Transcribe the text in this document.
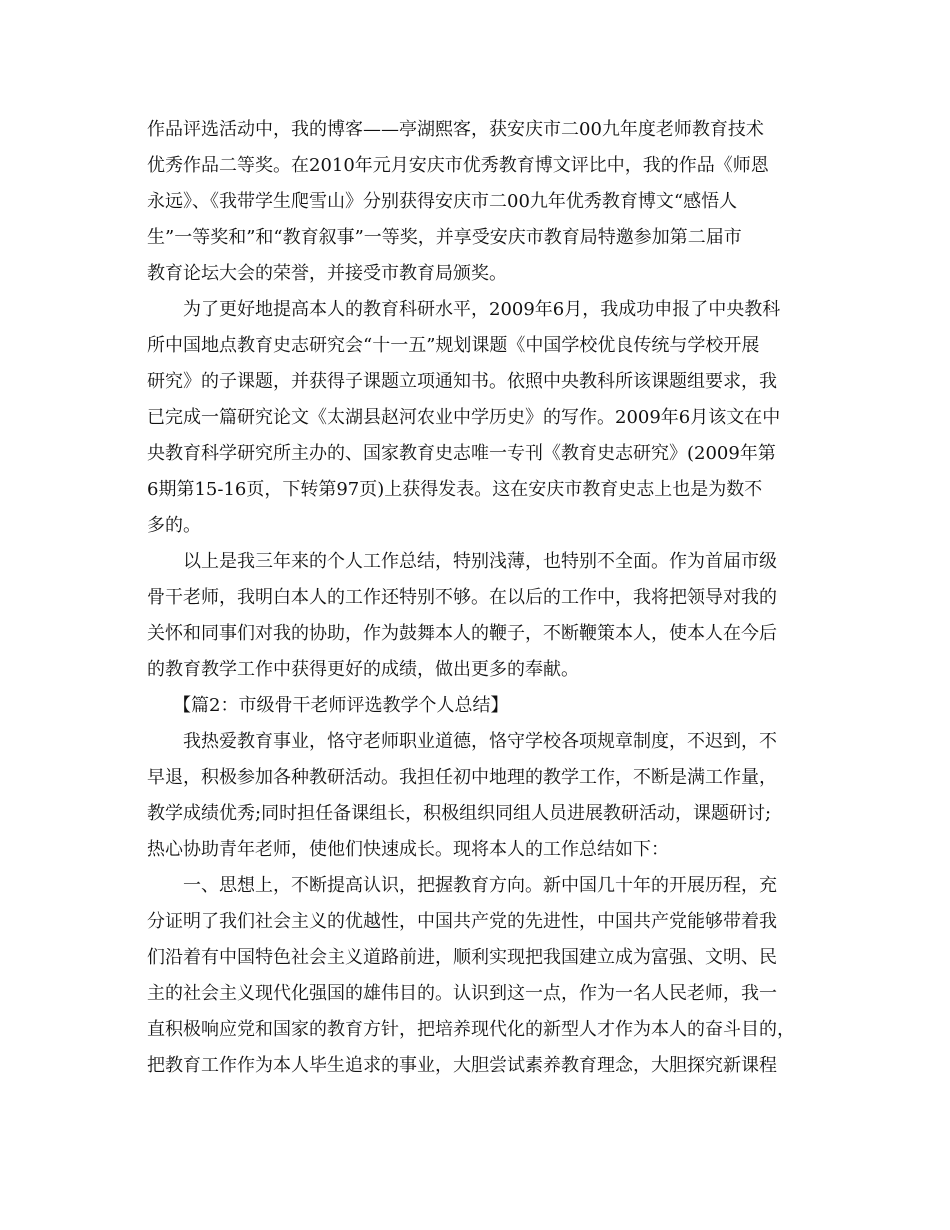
作品评选活动中，我的博客——亭湖熙客，获安庆市二00九年度老师教育技术
优秀作品二等奖。在2010年元月安庆市优秀教育博文评比中，我的作品《师恩
永远》、《我带学生爬雪山》分别获得安庆市二00九年优秀教育博文“感悟人
生”一等奖和”和“教育叙事”一等奖，并享受安庆市教育局特邀参加第二届市
教育论坛大会的荣誉，并接受市教育局颁奖。
为了更好地提高本人的教育科研水平，2009年6月，我成功申报了中央教科
所中国地点教育史志研究会“十一五”规划课题《中国学校优良传统与学校开展
研究》的子课题，并获得子课题立项通知书。依照中央教科所该课题组要求，我
已完成一篇研究论文《太湖县赵河农业中学历史》的写作。2009年6月该文在中
央教育科学研究所主办的、国家教育史志唯一专刊《教育史志研究》(2009年第
6期第15-16页，下转第97页)上获得发表。这在安庆市教育史志上也是为数不
多的。
以上是我三年来的个人工作总结，特别浅薄，也特别不全面。作为首届市级
骨干老师，我明白本人的工作还特别不够。在以后的工作中，我将把领导对我的
关怀和同事们对我的协助，作为鼓舞本人的鞭子，不断鞭策本人，使本人在今后
的教育教学工作中获得更好的成绩，做出更多的奉献。
【篇2：市级骨干老师评选教学个人总结】
我热爱教育事业，恪守老师职业道德，恪守学校各项规章制度，不迟到，不
早退，积极参加各种教研活动。我担任初中地理的教学工作，不断是满工作量，
教学成绩优秀;同时担任备课组长，积极组织同组人员进展教研活动，课题研讨;
热心协助青年老师，使他们快速成长。现将本人的工作总结如下：
一、思想上，不断提高认识，把握教育方向。新中国几十年的开展历程，充
分证明了我们社会主义的优越性，中国共产党的先进性，中国共产党能够带着我
们沿着有中国特色社会主义道路前进，顺利实现把我国建立成为富强、文明、民
主的社会主义现代化强国的雄伟目的。认识到这一点，作为一名人民老师，我一
直积极响应党和国家的教育方针，把培养现代化的新型人才作为本人的奋斗目的，
把教育工作作为本人毕生追求的事业，大胆尝试素养教育理念，大胆探究新课程
